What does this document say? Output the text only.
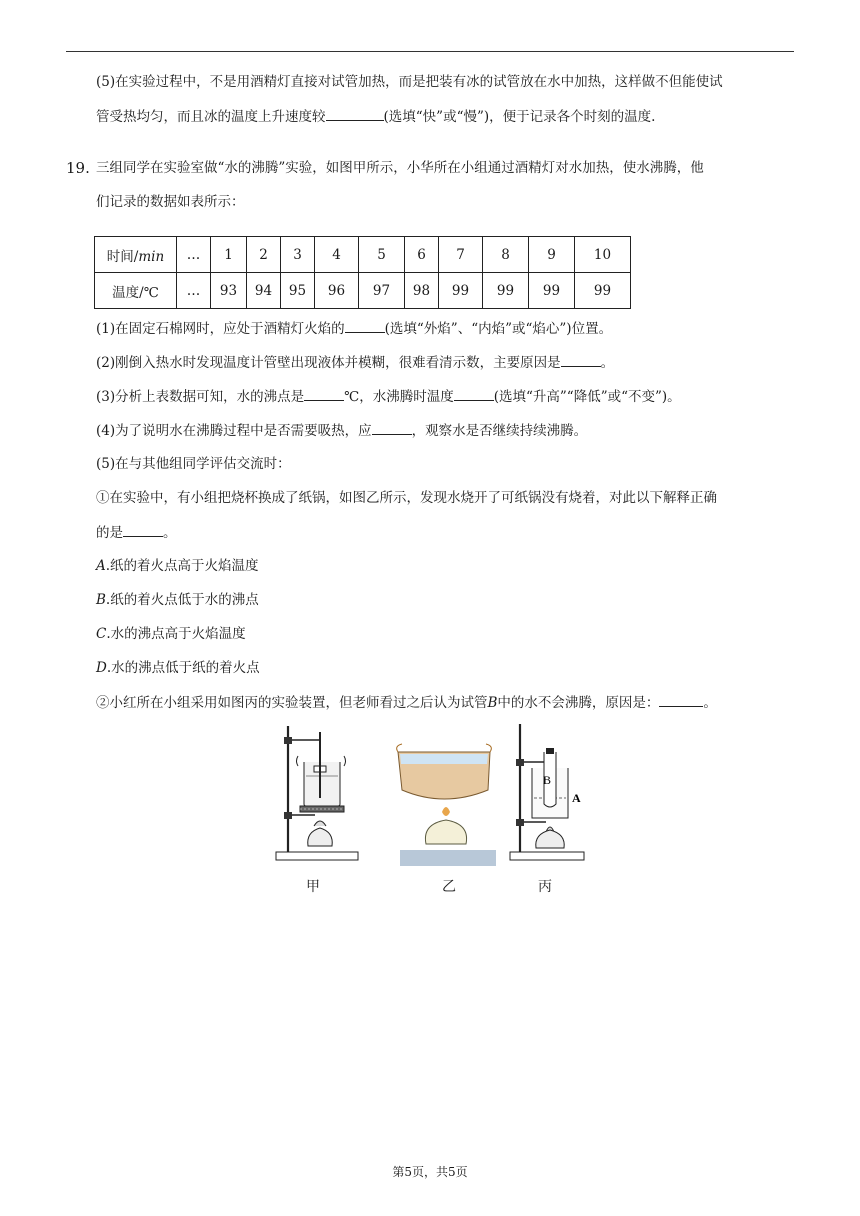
(5)在实验过程中，不是用酒精灯直接对试管加热，而是把装有冰的试管放在水中加热，这样做不但能使试
管受热均匀，而且冰的温度上升速度较	(选填“快”或“慢”)，便于记录各个时刻的温度.
19. 三组同学在实验室做“水的沸腾”实验，如图甲所示，小华所在小组通过酒精灯对水加热，使水沸腾，他
们记录的数据如表所示：
时间/min	…	1	2	3	4	5	6	7	8	9	10
温度/℃	…	93	94	95	96	97	98	99	99	99	99
(1)在固定石棉网时，应处于酒精灯火焰的	(选填“外焰”、“内焰”或“焰心”)位置。
(2)刚倒入热水时发现温度计管壁出现液体并模糊，很难看清示数，主要原因是	。
(3)分析上表数据可知，水的沸点是	℃，水沸腾时温度	(选填“升高”“降低”或“不变”)。
(4)为了说明水在沸腾过程中是否需要吸热，应	，观察水是否继续持续沸腾。
(5)在与其他组同学评估交流时：
①在实验中，有小组把烧杯换成了纸锅，如图乙所示，发现水烧开了可纸锅没有烧着，对此以下解释正确
的是	。
A.纸的着火点高于火焰温度
B.纸的着火点低于水的沸点
C.水的沸点高于火焰温度
D.水的沸点低于纸的着火点
②小红所在小组采用如图丙的实验装置，但老师看过之后认为试管B中的水不会沸腾，原因是：	。
B
A
甲	乙	丙
第5页，共5页
